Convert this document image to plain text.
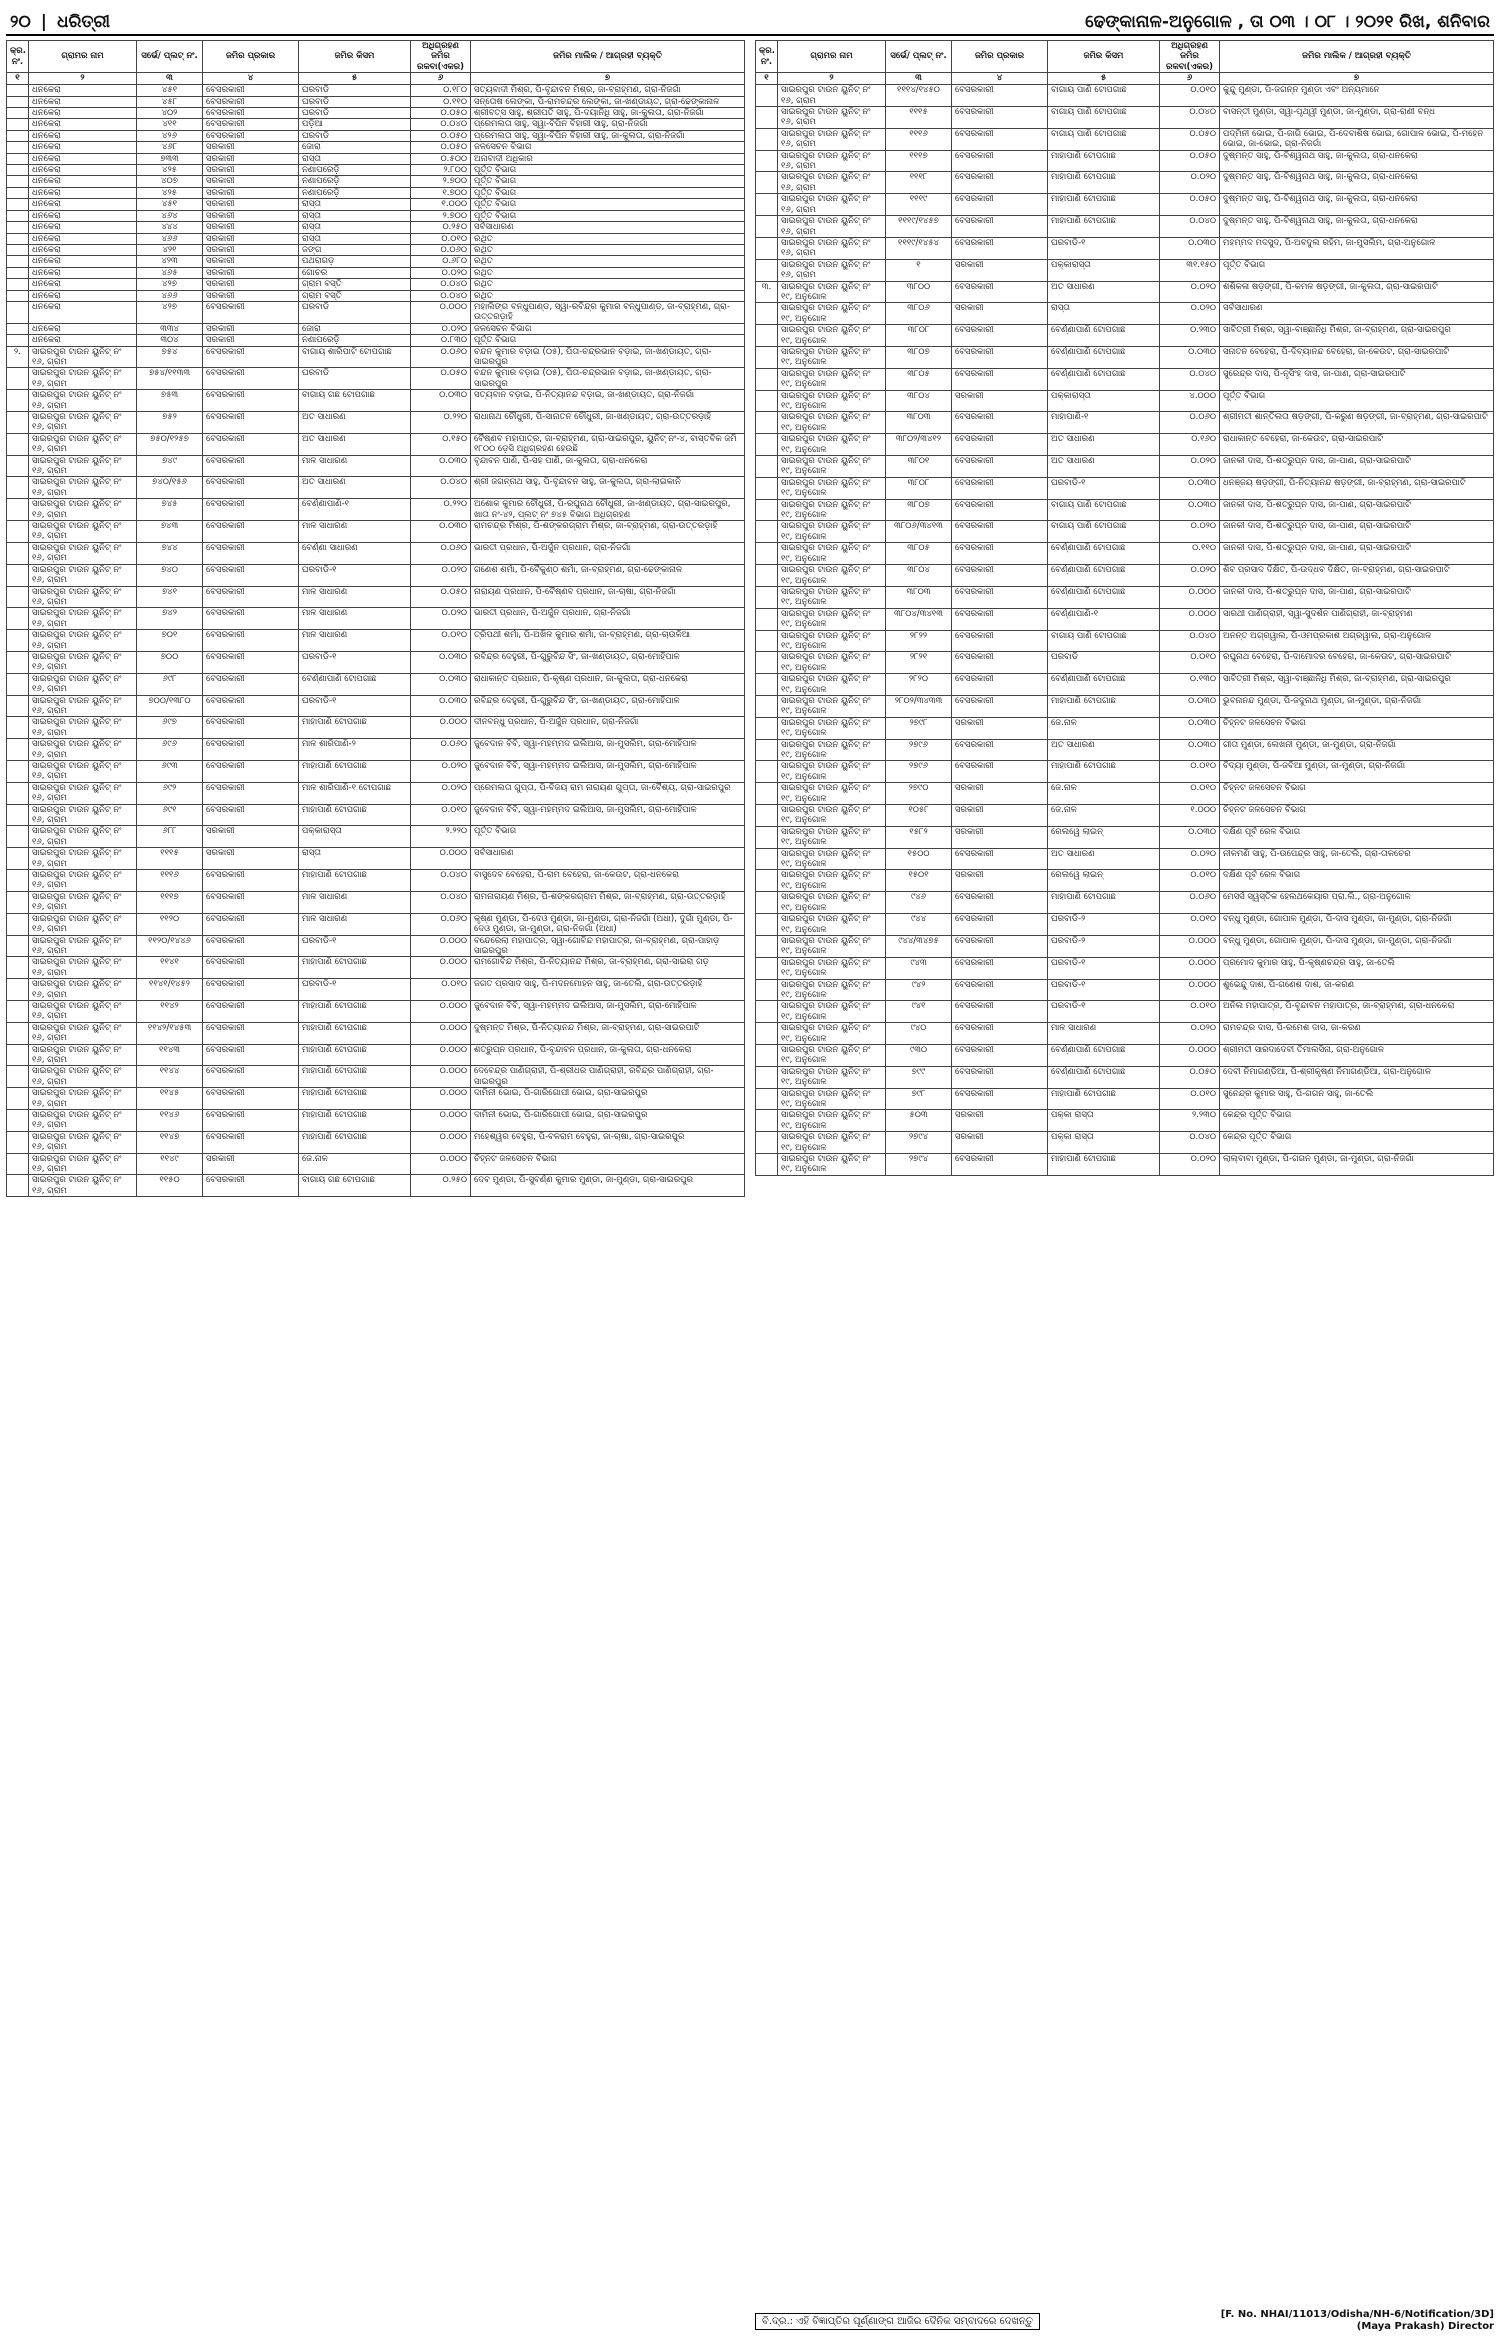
୨୦ | ଧରିତ୍ରୀ	ଢେଙ୍କାନାଳ-ଅନୁଗୋଳ , ତା ୦୩ । ୦୮ । ୨୦୨୧ ରିଖ, ଶନିବାର
କ୍ର. ନଂ.	ଗ୍ରାମର ନାମ	ସର୍ଭେ/ ପ୍ଲଟ୍ ନଂ.	ଜମିର ପ୍ରକାର	ଜମିର କିସମ	ଅଧିଗ୍ରହଣ ଜମିର ରକବା(ଏକର)	ଜମିର ମାଲିକ / ଆଗ୍ରହୀ ବ୍ୟକ୍ତି
୧	୨	୩	୪	୫	୬	୭
	ଧନକେରା	୪୫୧	ବେସରକାରୀ	ଘରବାଡି	୦.୧୮୦	ସତ୍ୟବାଦୀ ମିଶ୍ର, ପି-ବୃନ୍ଦାବନ ମିଶ୍ର, ଜା-ବ୍ରାହ୍ମଣ, ଗ୍ରା-ନିଜଗାଁ
	ଧନକେରା	୪୫୮	ବେସରକାରୀ	ଘରବାଡି	୦.୧୧୦	ସନ୍ତୋଷ ଲେଙ୍କା, ପି-ରାମଚନ୍ଦ୍ର ଲେଙ୍କା, ଜା-ଖଣ୍ଡାୟତ, ଗ୍ରା-ଢେଙ୍କାନାଳ
	ଧନକେରା	୪୦୨	ବେସରକାରୀ	ଘରବାଡି	୦.୦୫୦	ଶ୍ରୀବତ୍ସ ସାହୁ, ଶ୍ରୀପତି ସାହୁ, ପି-ଦୟାନିଧି ସାହୁ, ଜା-କୁଲତା, ଗ୍ରା-ନିଜଗାଁ
	ଧନକେରା	୪୧୧	ବେସରକାରୀ	ପଡ଼ିଆ	୦.୦୪୦	ପ୍ରେମଲତା ସାହୁ, ସ୍ୱା-ବିପିନ ବିହାରୀ ସାହୁ, ଗ୍ରା-ନିଜଗାଁ
	ଧନକେରା	୪୨୬	ବେସରକାରୀ	ଘରବାଡି	୦.୦୫୦	ପ୍ରେମଲତା ସାହୁ, ସ୍ୱା-ବିପିନ ବିହାରୀ ସାହୁ, ଜା-କୁଲତା, ଗ୍ରା-ନିଜଗାଁ
	ଧନକେରା	୪୬୮	ସରକାରୀ	ଜୋରା	୦.୦୫୦	ଜଳସେଚନ ବିଭାଗ
	ଧନକେରା	୭୩୩	ସରକାରୀ	ରାସ୍ତା	୦.୫୦୦	ଅନାବାଦୀ ଅଧିକାର
	ଧନକେରା	୪୨୫	ସରକାରୀ	ନଣାପରେଡ଼ି	୨.୮୦୦	ପୂର୍ତ୍ତ ବିଭାଗ
	ଧନକେରା	୪୦୭	ସରକାରୀ	ନଣାପରେଡ଼ି	୨.୭୦୦	ପୂର୍ତ୍ତ ବିଭାଗ
	ଧନକେରା	୪୨୫	ସରକାରୀ	ନଣାପରେଡ଼ି	୧.୭୦୦	ପୂର୍ତ୍ତ ବିଭାଗ
	ଧନକେରା	୪୫୧	ସରକାରୀ	ରାସ୍ତା	୧.୦୦୦	ପୂର୍ତ୍ତ ବିଭାଗ
	ଧନକେରା	୪୬୪	ସରକାରୀ	ରାସ୍ତା	୨.୭୦୦	ପୂର୍ତ୍ତ ବିଭାଗ
	ଧନକେରା	୪୪୪	ସରକାରୀ	ରାସ୍ତା	୦.୨୫୦	ସର୍ବସାଧାରଣ
	ଧନକେରା	୪୬୬	ସରକାରୀ	ରାସ୍ତା	୦.୦୧୦	ରଥିତ
	ଧନକେରା	୪୨୧	ସରକାରୀ	ଜଙ୍ଗ	୦.୦୬୦	ରଥିତ
	ଧନକେରା	୪୨୩	ସରକାରୀ	ପଥରାଗଡ଼	୦.୬୮୦	ରଥିତ
	ଧନକେରା	୪୬୫	ସରକାରୀ	ଗୋଚର	୦.୦୨୦	ରଥିତ
	ଧନକେରା	୪୨୭	ସରକାରୀ	ଗ୍ରାମ ବସ୍ତି	୦.୦୪୦	ରଥିତ
	ଧନକେରା	୪୬୬	ସରକାରୀ	ଗ୍ରାମ ବସ୍ତି	୦.୦୪୦	ରଥିତ
	ଧନକେରା	୪୨୭	ବେସରକାରୀ	ଘରବାଡି	୦.୦୦୦	ମହାଲିଙ୍ଗ ବନ୍ଧୁପାଣ୍ଡ, ସ୍ୱା-ରବିନ୍ଦ୍ର କୁମାର ବନ୍ଧୁପାଣ୍ଡ, ଜା-ବ୍ରାହ୍ମଣ, ଗ୍ରା-ଉତ୍ତରଡ଼ାହି
	ଧନକେରା	୩୩୪	ସରକାରୀ	ଜୋରା	୦.୦୨୦	ଜଳସେଚନ ବିଭାଗ
	ଧନକେରା	୩୦୪	ସରକାରୀ	ନଣାପରେଡ଼ି	୦.୮୩୦	ପୂର୍ତ୍ତ ବିଭାଗ
୨.	ସାଇରପୁର ଟାଉନ ୟୁନିଟ୍ ନଂ ୧୬, ଗ୍ରାମ	୭୫୪	ବେସରକାରୀ	ବାଗାୟ ଶାରିପାଟି ଟୋପଗାଛ	୦.୦୬୦	ଚନ୍ଦନ କୁମାର ବଡ଼ାଇ (୦୫), ପିତା-ଚନ୍ଦ୍ରଭାନ ବଡ଼ାଇ, ଜା-ଖଣ୍ଡାୟତ, ଗ୍ରା-ସାଇରପୁର
	ସାଇରପୁର ଟାଉନ ୟୁନିଟ୍ ନଂ ୧୬, ଗ୍ରାମ	୭୫୪/୧୧୩୩	ବେସରକାରୀ	ଘରବାଡି	୦.୦୫୦	ଚନ୍ଦନ କୁମାର ବଡ଼ାଇ (୦୫), ପିତା-ଚନ୍ଦ୍ରଭାନ ବଡ଼ାଇ, ଜା-ଖଣ୍ଡାୟତ, ଗ୍ରା-ସାଇରପୁର
	ସାଇରପୁର ଟାଉନ ୟୁନିଟ୍ ନଂ ୧୬, ଗ୍ରାମ	୭୫୩	ବେସରକାରୀ	ବାଗାୟ ଗଛ ଟୋପଗାଛ	୦.୦୩୦	ସତ୍ୟବାନ ବଡ଼ାଇ, ପି-ନିତ୍ୟାନନ୍ଦ ବଡ଼ାଇ, ଜା-ଖଣ୍ଡାୟତ, ଗ୍ରା-ନିଜଗାଁ
	ସାଇରପୁର ଟାଉନ ୟୁନିଟ୍ ନଂ ୧୬, ଗ୍ରାମ	୭୫୨	ବେସରକାରୀ	ଅତ ସାଧାରଣ	୦.୨୨୦	ରାଧାନାଥ ଚୌଧୁରୀ, ପି-ସାନାତନ ଚୌଧୁରୀ, ଜା-ଖଣ୍ଡାୟତ, ଗ୍ରା-ଉତ୍ତରଡ଼ାହି
	ସାଇରପୁର ଟାଉନ ୟୁନିଟ୍ ନଂ ୧୬, ଗ୍ରାମ	୭୫୦/୧୨୫୭	ବେସରକାରୀ	ଅତ ସାଧାରଣ	୦.୧୫୦	ବୈଷ୍ଣବ ମହାପାତ୍ର, ଜା-ବ୍ରାହ୍ମଣ, ଗ୍ରା-ସାଇରପୁର, ୟୁନିଟ୍ ନଂ-୪, ବାସ୍ତବିକ ଜମି ୧୮୦୦ ଡ଼େସି ଅଧିଗ୍ରହଣ ହେଉଛି
	ସାଇରପୁର ଟାଉନ ୟୁନିଟ୍ ନଂ ୧୬, ଗ୍ରାମ	୭୪୯	ବେସରକାରୀ	ମାଳ ସାଧାରଣ	୦.୦୩୦	ବୃନ୍ଦାବନ ପାଣି, ପି-ସହ ପାଣି, ଜା-କୁଲତା, ଗ୍ରା-ଧନକେରା
	ସାଇରପୁର ଟାଉନ ୟୁନିଟ୍ ନଂ ୧୬, ଗ୍ରାମ	୭୪୦/୧୫୬	ବେସରକାରୀ	ଅତ ସାଧାରଣ	୦.୦୪୦	ଶ୍ରୀ ଜଗନ୍ନାଥ ସାହୁ, ପି-ବୃନ୍ଦାବନ ସାହୁ, ଜା-କୁଲତା, ଗ୍ରା-ଲାଇକାନି
	ସାଇରପୁର ଟାଉନ ୟୁନିଟ୍ ନଂ ୧୬, ଗ୍ରାମ	୭୪୫	ବେସରକାରୀ	ବେର୍ଣ୍ଣାପାଣି-୧	୦.୨୨୦	ଅଶୋକ କୁମାର ଚୌଧୁରୀ, ପି-ରଘୁନାଥ ଚୌଧୁରୀ, ଜା-ଖଣ୍ଡାୟତ, ଗ୍ରା-ସାଇରପୁର, ଖାତା ନଂ-୪୨, ପ୍ଲଟ୍ ନଂ ୭୪୫ ବିଭାଗ ଅଧିଗ୍ରହଣ
	ସାଇରପୁର ଟାଉନ ୟୁନିଟ୍ ନଂ ୧୬, ଗ୍ରାମ	୭୪୩	ବେସରକାରୀ	ମାଳ ସାଧାରଣ	୦.୦୩୦	ରାମଚନ୍ଦ୍ର ମିଶ୍ର, ପି-ଶଙ୍କରଗ୍ରାମ ମିଶ୍ର, ଜା-ବ୍ରାହ୍ମଣ, ଗ୍ରା-ଉତ୍ତରଡ଼ାହି
	ସାଇରପୁର ଟାଉନ ୟୁନିଟ୍ ନଂ ୧୬, ଗ୍ରାମ	୭୪୪	ବେସରକାରୀ	ବେର୍ଣ୍ଣା ସାଧାରଣ	୦.୦୬୦	ଭାରତୀ ପ୍ରଧାନ, ପି-ଅର୍ଜୁନ ପ୍ରଧାନ, ଗ୍ରା-ନିଜଗାଁ
	ସାଇରପୁର ଟାଉନ ୟୁନିଟ୍ ନଂ ୧୬, ଗ୍ରାମ	୭୪୦	ବେସରକାରୀ	ଘରବାଡି-୧	୦.୦୨୦	ଗଣେଶ ଶର୍ମା, ପି-ବୈକୁଣ୍ଠ ଶର୍ମା, ଜା-ବ୍ରାହ୍ମଣ, ଗ୍ରା-ଢେଙ୍କାନାଳ
	ସାଇରପୁର ଟାଉନ ୟୁନିଟ୍ ନଂ ୧୬, ଗ୍ରାମ	୭୪୧	ବେସରକାରୀ	ମାଳ ସାଧାରଣ	୦.୦୫୦	ନାରାୟଣ ପ୍ରଧାନ, ପି-ବୈଷ୍ଣବ ପ୍ରଧାନ, ଜା-ଚାଷା, ଗ୍ରା-ନିଜଗାଁ
	ସାଇରପୁର ଟାଉନ ୟୁନିଟ୍ ନଂ ୧୬, ଗ୍ରାମ	୭୪୨	ବେସରକାରୀ	ମାଳ ସାଧାରଣ	୦.୦୨୦	ଭାରତୀ ପ୍ରଧାନ, ପି-ଅର୍ଜୁନ ପ୍ରଧାନ, ଗ୍ରା-ନିଜଗାଁ
	ସାଇରପୁର ଟାଉନ ୟୁନିଟ୍ ନଂ ୧୬, ଗ୍ରାମ	୭୦୧	ବେସରକାରୀ	ମାଳ ସାଧାରଣ	୦.୦୧୦	ତ୍ରିପଥୀ ଶର୍ମା, ପି-ଅଖିଳ କୁମାର ଶର୍ମା, ଜା-ବ୍ରାହ୍ମଣ, ଗ୍ରା-ଚାଉଳିଆ
	ସାଇରପୁର ଟାଉନ ୟୁନିଟ୍ ନଂ ୧୬, ଗ୍ରାମ	୭୦୦	ବେସରକାରୀ	ଘରବାଡି-୧	୦.୦୩୦	ରବିନ୍ଦ୍ର ଦେହୁରୀ, ପି-ଗୁରୁବିନ୍ଦ ସିଂ, ଜା-ଖଣ୍ଡାୟତ, ଗ୍ରା-ମୋହିପାଳ
	ସାଇରପୁର ଟାଉନ ୟୁନିଟ୍ ନଂ ୧୬, ଗ୍ରାମ	୬୯୮	ବେସରକାରୀ	ବେର୍ଣ୍ଣାପାଣି ଟୋପଗାଛ	୦.୦୩୦	ରାଧାକାନ୍ତ ପ୍ରଧାନ, ପି-କୃଷ୍ଣ ପ୍ରଧାନ, ଜା-କୁଲତା, ଗ୍ରା-ଧନକେରା
	ସାଇରପୁର ଟାଉନ ୟୁନିଟ୍ ନଂ ୧୬, ଗ୍ରାମ	୭୦୦/୧୩୮୦	ବେସରକାରୀ	ଘରବାଡି-୧	୦.୦୩୦	ରବିନ୍ଦ୍ର ଦେହୁରୀ, ପି-ଗୁରୁବିନ୍ଦ ସିଂ, ଜା-ଖଣ୍ଡାୟତ, ଗ୍ରା-ମୋହିପାଳ
	ସାଇରପୁର ଟାଉନ ୟୁନିଟ୍ ନଂ ୧୬, ଗ୍ରାମ	୬୯୭	ବେସରକାରୀ	ମାହାପାଣି ଟୋପଗାଛ	୦.୦୦୦	ଦୀନବନ୍ଧୁ ପ୍ରଧାନ, ପି-ଅର୍ଜୁନ ପ୍ରଧାନ, ଗ୍ରା-ନିଜଗାଁ
	ସାଇରପୁର ଟାଉନ ୟୁନିଟ୍ ନଂ ୧୬, ଗ୍ରାମ	୬୯୬	ବେସରକାରୀ	ମାଳ ଶାରିପାଣି-୨	୦.୦୬୦	ଜୁବେଦାନ ବିବି, ସ୍ୱା-ମହମ୍ମଦ ଇଲିଆସ, ଜା-ମୁସଲିମ, ଗ୍ରା-ମୋହିପାଳ
	ସାଇରପୁର ଟାଉନ ୟୁନିଟ୍ ନଂ ୧୬, ଗ୍ରାମ	୬୯୩	ବେସରକାରୀ	ମାହାପାଣି ଟୋପଗାଛ	୦.୦୨୦	ଜୁବେଦାନ ବିବି, ସ୍ୱା-ମହମ୍ମଦ ଇଲିଆସ, ଜା-ମୁସଲିମ, ଗ୍ରା-ମୋହିପାଳ
	ସାଇରପୁର ଟାଉନ ୟୁନିଟ୍ ନଂ ୧୬, ଗ୍ରାମ	୬୯୨	ବେସରକାରୀ	ମାଳ ଶାରିପାଣି-୧ ଟୋପଗାଛ	୦.୦୨୦	ପ୍ରେମଲତା ଗୁପ୍ତା, ପି-ବିଜୟ ରାମ ନାରାୟଣ ଗୁପ୍ତା, ଜା-ବୈଶ୍ୟ, ଗ୍ରା-ସାଇରପୁର
	ସାଇରପୁର ଟାଉନ ୟୁନିଟ୍ ନଂ ୧୬, ଗ୍ରାମ	୬୯୧	ବେସରକାରୀ	ମାହାପାଣି ଟୋପଗାଛ	୦.୦୧୦	ଜୁବେଦାନ ବିବି, ସ୍ୱା-ମହମ୍ମଦ ଇଲିଆସ, ଜା-ମୁସଲିମ, ଗ୍ରା-ମୋହିପାଳ
	ସାଇରପୁର ଟାଉନ ୟୁନିଟ୍ ନଂ ୧୬, ଗ୍ରାମ	୬୮୮	ସରକାରୀ	ପକ୍କାରାସ୍ତା	୨.୨୨୦	ପୂର୍ତ୍ତ ବିଭାଗ
	ସାଇରପୁର ଟାଉନ ୟୁନିଟ୍ ନଂ ୧୬, ଗ୍ରାମ	୧୧୧୫	ସରକାରୀ	ରାସ୍ତା	୦.୦୦୦	ସର୍ବସାଧାରଣ
	ସାଇରପୁର ଟାଉନ ୟୁନିଟ୍ ନଂ ୧୬, ଗ୍ରାମ	୧୧୧୬	ବେସରକାରୀ	ମାହାପାଣି ଟୋପଗାଛ	୦.୦୪୦	ବାସୁଦେବ ବେହେରା, ପି-ରାମ ବେହେରା, ଜା-କେଉଟ, ଗ୍ରା-ଧନକେରା
	ସାଇରପୁର ଟାଉନ ୟୁନିଟ୍ ନଂ ୧୬, ଗ୍ରାମ	୧୧୧୭	ବେସରକାରୀ	ମାଳ ସାଧାରଣ	୦.୦୪୦	ରାମନାରାୟଣ ମିଶ୍ର, ପି-ଶଙ୍କରଗ୍ରାମ ମିଶ୍ର, ଜା-ବ୍ରାହ୍ମଣ, ଗ୍ରା-ଉତ୍ତରଡ଼ାହି
	ସାଇରପୁର ଟାଉନ ୟୁନିଟ୍ ନଂ ୧୬, ଗ୍ରାମ	୧୧୨୦	ବେସରକାରୀ	ମାଳ ସାଧାରଣ	୦.୦୬୦	କୃଷ୍ଣ ମୁଣ୍ଡା, ପି-ଦେଓ ମୁଣ୍ଡା, ଜା-ମୁଣ୍ଡା, ଗ୍ରା-ନିଜଗାଁ (ଅଧା), ଦୁର୍ଗା ମୁଣ୍ଡା, ପି-ଦେଓ ମୁଣ୍ଡା, ଜା-ମୁଣ୍ଡା, ଗ୍ରା-ନିଜଗାଁ (ଅଧା)
	ସାଇରପୁର ଟାଉନ ୟୁନିଟ୍ ନଂ ୧୬, ଗ୍ରାମ	୧୧୨୦/୧୪୪୬	ବେସରକାରୀ	ଘରବାଡି-୧	୦.୦୦୦	ବନ୍ଦେରେଲା ମହାପାତ୍ର, ସ୍ୱା-ଗୋବିନ୍ଦ ମହାପାତ୍ର, ଜା-ବ୍ରାହ୍ମଣ, ଗ୍ରା-ପାହାଡ଼ ସାଇରପୁର
	ସାଇରପୁର ଟାଉନ ୟୁନିଟ୍ ନଂ ୧୬, ଗ୍ରାମ	୧୧୪୧	ବେସରକାରୀ	ମାହାପାଣି ଟୋପଗାଛ	୦.୦୦୦	ରାମଗୋବିନ୍ଦ ମିଶ୍ର, ପି-ନିତ୍ୟାନନ୍ଦ ମିଶ୍ର, ଜା-ବ୍ରାହ୍ମଣ, ଗ୍ରା-ସାଇରା ଗଡ଼
	ସାଇରପୁର ଟାଉନ ୟୁନିଟ୍ ନଂ ୧୬, ଗ୍ରାମ	୧୧୪୧/୧୪୫୨	ବେସରକାରୀ	ଘରବାଡି-୧	୦.୦୧୦	ଜଗତ ପ୍ରସାଦ ସାହୁ, ପି-ମଦନମୋହନ ସାହୁ, ଜା-ତେଲି, ଗ୍ରା-ଉତ୍ତରଡ଼ାହି
	ସାଇରପୁର ଟାଉନ ୟୁନିଟ୍ ନଂ ୧୬, ଗ୍ରାମ	୧୧୪୨	ବେସରକାରୀ	ମାହାପାଣି ଟୋପଗାଛ	୦.୦୦୦	ଜୁବେଦାନ ବିବି, ସ୍ୱା-ମହମ୍ମଦ ଇଲିଆସ, ଜା-ମୁସଲିମ, ଗ୍ରା-ମୋହିପାଳ
	ସାଇରପୁର ଟାଉନ ୟୁନିଟ୍ ନଂ ୧୬, ଗ୍ରାମ	୧୧୪୨/୧୪୫୩	ବେସରକାରୀ	ମାହାପାଣି ଟୋପଗାଛ	୦.୦୦୦	ଦୁଷ୍ମନ୍ତ ମିଶ୍ର, ପି-ନିତ୍ୟାନନ୍ଦ ମିଶ୍ର, ଜା-ବ୍ରାହ୍ମଣ, ଗ୍ରା-ସାଇରପାଟି
	ସାଇରପୁର ଟାଉନ ୟୁନିଟ୍ ନଂ ୧୬, ଗ୍ରାମ	୧୧୪୩	ବେସରକାରୀ	ମାହାପାଣି ଟୋପଗାଛ	୦.୦୦୦	ଶତ୍ରୁଘ୍ନ ପ୍ରଧାନ, ପି-ବୃନ୍ଦାବନ ପ୍ରଧାନ, ଜା-କୁଲତା, ଗ୍ରା-ଧନକେରା
	ସାଇରପୁର ଟାଉନ ୟୁନିଟ୍ ନଂ ୧୬, ଗ୍ରାମ	୧୧୪୪	ବେସରକାରୀ	ମାହାପାଣି ଟୋପଗାଛ	୦.୦୦୦	ଦେବେନ୍ଦ୍ର ପାଣିଗ୍ରାହୀ, ପି-ଶ୍ରୀଧର ପାଣିଗ୍ରାହୀ, ରବିନ୍ଦ୍ର ପାଣିଗ୍ରାହୀ, ଗ୍ରା-ସାଇରପୁର
	ସାଇରପୁର ଟାଉନ ୟୁନିଟ୍ ନଂ ୧୬, ଗ୍ରାମ	୧୧୪୫	ବେସରକାରୀ	ମାହାପାଣି ଟୋପଗାଛ	୦.୦୦୦	ଦାମିନୀ ଭୋଇ, ପି-ଗାରିଗୋପୀ ଭୋଇ, ଗ୍ରା-ସାଇରପୁର
	ସାଇରପୁର ଟାଉନ ୟୁନିଟ୍ ନଂ ୧୬, ଗ୍ରାମ	୧୧୪୬	ବେସରକାରୀ	ମାହାପାଣି ଟୋପଗାଛ	୦.୦୦୦	ଦାମିନୀ ଭୋଇ, ପି-ଗାରିଗୋପୀ ଭୋଇ, ଗ୍ରା-ସାଇରପୁର
	ସାଇରପୁର ଟାଉନ ୟୁନିଟ୍ ନଂ ୧୬, ଗ୍ରାମ	୧୧୪୭	ବେସରକାରୀ	ମାହାପାଣି ଟୋପଗାଛ	୦.୦୦୦	ମହେଶ୍ୱର ବେହୁରା, ପି-ବଳରାମ ବେହୁରା, ଜା-ଚାଷା, ଗ୍ରା-ସାଇରପୁର
	ସାଇରପୁର ଟାଉନ ୟୁନିଟ୍ ନଂ ୧୬, ଗ୍ରାମ	୧୧୪୯	ସରକାରୀ	ଜେ.ନାଳ	୦.୦୦୦	ଚିହ୍ନଟ ଜଳସେଚନ ବିଭାଗ
	ସାଇରପୁର ଟାଉନ ୟୁନିଟ୍ ନଂ ୧୬, ଗ୍ରାମ	୧୧୫୦	ବେସରକାରୀ	ବାଗାୟ ଗଛ ଟୋପଗାଛ	୦.୨୫୦	ଦେବ ମୁଣ୍ଡା, ପି-ସୁବର୍ଣ୍ଣ କୁମାର ମୁଣ୍ଡା, ଜା-ମୁଣ୍ଡା, ଗ୍ରା-ସାଇରପୁର
କ୍ର. ନଂ.	ଗ୍ରାମର ନାମ	ସର୍ଭେ/ ପ୍ଲଟ୍ ନଂ.	ଜମିର ପ୍ରକାର	ଜମିର କିସମ	ଅଧିଗ୍ରହଣ ଜମିର ରକବା(ଏକର)	ଜମିର ମାଲିକ / ଆଗ୍ରହୀ ବ୍ୟକ୍ତି
୧	୨	୩	୪	୫	୬	୭
	ସାଇରପୁର ଟାଉନ ୟୁନିଟ୍ ନଂ ୧୬, ଗ୍ରାମ	୧୧୧୪/୧୪୫୦	ବେସରକାରୀ	ବାଗାୟ ପାଣି ଟୋପଗାଛ	୦.୦୧୦	କୁନ୍ଦୁ ମୁଣ୍ଡା, ପି-ଜଗନ୍ନ ମୁଣ୍ଡା ଏବଂ ଅନ୍ୟମାନେ
	ସାଇରପୁର ଟାଉନ ୟୁନିଟ୍ ନଂ ୧୬, ଗ୍ରାମ	୧୧୧୫	ବେସରକାରୀ	ବାଗାୟ ପାଣି ଟୋପଗାଛ	୦.୦୪୦	ବାସନ୍ତୀ ମୁଣ୍ଡା, ସ୍ୱା-ପୃଥ୍ୱୀ ମୁଣ୍ଡା, ଜା-ମୁଣ୍ଡା, ଗ୍ରା-ରାଣୀ ବନ୍ଧ
	ସାଇରପୁର ଟାଉନ ୟୁନିଟ୍ ନଂ ୧୬, ଗ୍ରାମ	୧୧୧୬	ବେସରକାରୀ	ବାଗାୟ ପାଣି ଟୋପଗାଛ	୦.୦୫୦	ପଦ୍ମିନୀ ଭୋଇ, ପି-ଜାଗି ଭୋଇ, ପି-ଦେବାଶିଷ ଭୋଇ, ଗୋପାଳ ଭୋଇ, ପି-ମହେନ ଭୋଇ, ଜା-ଭୋଇ, ଗ୍ରା-ନିଜଗାଁ
	ସାଇରପୁର ଟାଉନ ୟୁନିଟ୍ ନଂ ୧୬, ଗ୍ରାମ	୧୧୧୭	ବେସରକାରୀ	ମାହାପାଣି ଟୋପଗାଛ	୦.୦୫୦	ଦୁଷ୍ମନ୍ତ ସାହୁ, ପି-ବିଶ୍ୱନାଥ ସାହୁ, ଜା-କୁଲତା, ଗ୍ରା-ଧନକେରା
	ସାଇରପୁର ଟାଉନ ୟୁନିଟ୍ ନଂ ୧୬, ଗ୍ରାମ	୧୧୧୮	ବେସରକାରୀ	ମାହାପାଣି ଟୋପଗାଛ	୦.୦୨୦	ଦୁଷ୍ମନ୍ତ ସାହୁ, ପି-ବିଶ୍ୱନାଥ ସାହୁ, ଜା-କୁଲତା, ଗ୍ରା-ଧନକେରା
	ସାଇରପୁର ଟାଉନ ୟୁନିଟ୍ ନଂ ୧୬, ଗ୍ରାମ	୧୧୧୯	ବେସରକାରୀ	ମାହାପାଣି ଟୋପଗାଛ	୦.୦୫୦	ଦୁଷ୍ମନ୍ତ ସାହୁ, ପି-ବିଶ୍ୱନାଥ ସାହୁ, ଜା-କୁଲତା, ଗ୍ରା-ଧନକେରା
	ସାଇରପୁର ଟାଉନ ୟୁନିଟ୍ ନଂ ୧୬, ଗ୍ରାମ	୧୧୧୯/୧୪୫୭	ବେସରକାରୀ	ମାହାପାଣି ଟୋପଗାଛ	୦.୦୪୦	ଦୁଷ୍ମନ୍ତ ସାହୁ, ପି-ବିଶ୍ୱନାଥ ସାହୁ, ଜା-କୁଲତା, ଗ୍ରା-ଧନକେରା
	ସାଇରପୁର ଟାଉନ ୟୁନିଟ୍ ନଂ ୧୬, ଗ୍ରାମ	୧୧୧୯/୧୪୫୪	ବେସରକାରୀ	ଘରବାଡି-୧	୦.୦୩୦	ମହମ୍ମଦ ମଦସୁଦ, ପି-ଅବଦୁଲ ରହିମ, ଜା-ମୁସଲିମ, ଗ୍ରା-ଅନୁଗୋଳ
	ସାଇରପୁର ଟାଉନ ୟୁନିଟ୍ ନଂ ୧୬, ଗ୍ରାମ	୧	ସରକାରୀ	ପକ୍କାରାସ୍ତା	୩୧.୧୫୦	ପୂର୍ତ୍ତ ବିଭାଗ
୩.	ସାଇରପୁର ଟାଉନ ୟୁନିଟ୍ ନଂ ୧୯, ଅନୁଗୋଳ	୩୮୦୦	ବେସରକାରୀ	ଅତ ସାଧାରଣ	୦.୦୨୦	ଶଶିକଳା ଷଡ଼ଙ୍ଗୀ, ପି-କମଳ ଷଡ଼ଙ୍ଗୀ, ଜା-କୁଲତା, ଗ୍ରା-ସାଇରପାଟି
	ସାଇରପୁର ଟାଉନ ୟୁନିଟ୍ ନଂ ୧୯, ଅନୁଗୋଳ	୩୮୦୬	ସରକାରୀ	ରାସ୍ତା	୦.୦୨୦	ସର୍ବସାଧାରଣ
	ସାଇରପୁର ଟାଉନ ୟୁନିଟ୍ ନଂ ୧୯, ଅନୁଗୋଳ	୩୮୦୮	ବେସରକାରୀ	ବେର୍ଣ୍ଣାପାଣି ଟୋପଗାଛ	୦.୨୩୦	ସାବିତ୍ରୀ ମିଶ୍ର, ସ୍ୱା-ବାଞ୍ଛାନିଧି ମିଶ୍ର, ଜା-ବ୍ରାହ୍ମଣ, ଗ୍ରା-ସାଇରପୁର
	ସାଇରପୁର ଟାଉନ ୟୁନିଟ୍ ନଂ ୧୯, ଅନୁଗୋଳ	୩୮୦୭	ବେସରକାରୀ	ବେର୍ଣ୍ଣାପାଣି ଟୋପଗାଛ	୦.୦୩୦	ସନାତନ ବେହେରା, ପି-ଦିବ୍ୟାନନ୍ଦ ବେହେରା, ଜା-କେଉଟ, ଗ୍ରା-ସାଇରପାଟି
	ସାଇରପୁର ଟାଉନ ୟୁନିଟ୍ ନଂ ୧୯, ଅନୁଗୋଳ	୩୮୦୫	ବେସରକାରୀ	ବେର୍ଣ୍ଣାପାଣି ଟୋପଗାଛ	୦.୦୪୦	ସୁରେନ୍ଦ୍ର ଦାସ, ପି-ନୃସିଂହ ଦାସ, ଜା-ପାଣ, ଗ୍ରା-ସାଇରପାଟି
	ସାଇରପୁର ଟାଉନ ୟୁନିଟ୍ ନଂ ୧୯, ଅନୁଗୋଳ	୩୮୦୪	ସରକାରୀ	ପକ୍କାରାସ୍ତା	୪.୦୦୦	ପୂର୍ତ୍ତ ବିଭାଗ
	ସାଇରପୁର ଟାଉନ ୟୁନିଟ୍ ନଂ ୧୯, ଅନୁଗୋଳ	୩୮୦୩	ବେସରକାରୀ	ମାହାପାଣି-୧	୦.୦୬୦	ଶ୍ରୀମତୀ ଶାନ୍ତିଲତା ଷଡ଼ଙ୍ଗୀ, ପି-କରୁଣ ଷଡ଼ଙ୍ଗୀ, ଜା-ବ୍ରାହ୍ମଣ, ଗ୍ରା-ସାଇରପାଟି
	ସାଇରପୁର ଟାଉନ ୟୁନିଟ୍ ନଂ ୧୯, ଅନୁଗୋଳ	୩୮୦୨/୩୪୧୨	ବେସରକାରୀ	ଅତ ସାଧାରଣ	୦.୧୬୦	ରାଧାକାନ୍ତ ବେହେରା, ଜା-କେଉଟ, ଗ୍ରା-ସାଇରପାଟି
	ସାଇରପୁର ଟାଉନ ୟୁନିଟ୍ ନଂ ୧୯, ଅନୁଗୋଳ	୩୮୦୧	ବେସରକାରୀ	ଅତ ସାଧାରଣ	୦.୦୨୦	ଜାନକୀ ଦାସ, ପି-ଶତ୍ରୁଘ୍ନ ଦାସ, ଜା-ପାଣ, ଗ୍ରା-ସାଇରପାଟି
	ସାଇରପୁର ଟାଉନ ୟୁନିଟ୍ ନଂ ୧୯, ଅନୁଗୋଳ	୩୮୦୮	ବେସରକାରୀ	ଘରବାଡି-୧	୦.୦୩୦	ଧନଞ୍ଜୟ ଷଡ଼ଙ୍ଗୀ, ପି-ନିତ୍ୟାନନ୍ଦ ଷଡ଼ଙ୍ଗୀ, ଜା-ବ୍ରାହ୍ମଣ, ଗ୍ରା-ସାଇରପାଟି
	ସାଇରପୁର ଟାଉନ ୟୁନିଟ୍ ନଂ ୧୯, ଅନୁଗୋଳ	୩୮୦୭	ବେସରକାରୀ	ବାଗାୟ ପାଣି ଟୋପଗାଛ	୦.୦୩୦	ଜାନକୀ ଦାସ, ପି-ଶତ୍ରୁଘ୍ନ ଦାସ, ଜା-ପାଣ, ଗ୍ରା-ସାଇରପାଟି
	ସାଇରପୁର ଟାଉନ ୟୁନିଟ୍ ନଂ ୧୯, ଅନୁଗୋଳ	୩୮୦୬/୩୪୧୩	ବେସରକାରୀ	ବାଗାୟ ପାଣି ଟୋପଗାଛ	୦.୦୨୦	ଜାନକୀ ଦାସ, ପି-ଶତ୍ରୁଘ୍ନ ଦାସ, ଜା-ପାଣ, ଗ୍ରା-ସାଇରପାଟି
	ସାଇରପୁର ଟାଉନ ୟୁନିଟ୍ ନଂ ୧୯, ଅନୁଗୋଳ	୩୮୦୫	ବେସରକାରୀ	ବେର୍ଣ୍ଣାପାଣି ଟୋପଗାଛ	୦.୧୧୦	ଜାନକୀ ଦାସ, ପି-ଶତ୍ରୁଘ୍ନ ଦାସ, ଜା-ପାଣ, ଗ୍ରା-ସାଇରପାଟି
	ସାଇରପୁର ଟାଉନ ୟୁନିଟ୍ ନଂ ୧୯, ଅନୁଗୋଳ	୩୮୦୪	ବେସରକାରୀ	ବେର୍ଣ୍ଣାପାଣି ଟୋପଗାଛ	୦.୦୨୦	ଶିବ ପ୍ରସାଦ ଦିକ୍ଷିତ, ପି-ଉଦ୍ଧବ ଦିକ୍ଷିତ, ଜା-ବ୍ରାହ୍ମଣ, ଗ୍ରା-ସାଇରପାଟି
	ସାଇରପୁର ଟାଉନ ୟୁନିଟ୍ ନଂ ୧୯, ଅନୁଗୋଳ	୩୮୦୩	ବେସରକାରୀ	ବେର୍ଣ୍ଣାପାଣି ଟୋପଗାଛ	୦.୦୦୦	ଜାନକୀ ଦାସ, ପି-ଶତ୍ରୁଘ୍ନ ଦାସ, ଜା-ପାଣ, ଗ୍ରା-ସାଇରପାଟି
	ସାଇରପୁର ଟାଉନ ୟୁନିଟ୍ ନଂ ୧୯, ଅନୁଗୋଳ	୩୮୦୪/୩୪୧୩	ବେସରକାରୀ	ବେର୍ଣ୍ଣାପାଣି-୧	୦.୦୦୦	ସାରଥୀ ପାଣିଗ୍ରାହୀ, ସ୍ୱା-ସୁଦର୍ଶନ ପାଣିଗ୍ରାହୀ, ଜା-ବ୍ରାହ୍ମଣ
	ସାଇରପୁର ଟାଉନ ୟୁନିଟ୍ ନଂ ୧୯, ଅନୁଗୋଳ	୨୮୨୨	ବେସରକାରୀ	ବାଗାୟ ପାଣି ଟୋପଗାଛ	୦.୦୪୦	ଅନନ୍ତ ଅଗ୍ରୱାଲ, ପି-ଓମପ୍ରକାଶ ଅଗ୍ରୱାଲ, ଗ୍ରା-ଅନୁଗୋଳ
	ସାଇରପୁର ଟାଉନ ୟୁନିଟ୍ ନଂ ୧୯, ଅନୁଗୋଳ	୨୮୨୧	ବେସରକାରୀ	ଘରବାଡି	୦.୦୧୦	ରଘୁନାଥ ବେହେରା, ପି-ଦାମୋଦର ବେହେରା, ଜା-କେଉଟ, ଗ୍ରା-ସାଇରପାଟି
	ସାଇରପୁର ଟାଉନ ୟୁନିଟ୍ ନଂ ୧୯, ଅନୁଗୋଳ	୨୮୨୦	ବେସରକାରୀ	ବେର୍ଣ୍ଣାପାଣି ଟୋପଗାଛ	୦.୧୩୦	ସାବିତ୍ରୀ ମିଶ୍ର, ସ୍ୱା-ବାଞ୍ଛାନିଧି ମିଶ୍ର, ଜା-ବ୍ରାହ୍ମଣ, ଗ୍ରା-ସାଇରପୁର
	ସାଇରପୁର ଟାଉନ ୟୁନିଟ୍ ନଂ ୧୯, ଅନୁଗୋଳ	୨୮୦୨/୩୪୩୩	ବେସରକାରୀ	ମାହାପାଣି ଟୋପଗାଛ	୦.୦୩୦	ଭୁବନାନନ୍ଦ ମୁଣ୍ଡା, ପି-ଜଦୁନାଥ ମୁଣ୍ଡା, ଜା-ମୁଣ୍ଡା, ଗ୍ରା-ନିଜଗାଁ
	ସାଇରପୁର ଟାଉନ ୟୁନିଟ୍ ନଂ ୧୯, ଅନୁଗୋଳ	୨୭୯୮	ସରକାରୀ	ଜେ.ନାଳ	୦.୦୩୦	ଚିହ୍ନଟ ଜଳସେଚନ ବିଭାଗ
	ସାଇରପୁର ଟାଉନ ୟୁନିଟ୍ ନଂ ୧୯, ଅନୁଗୋଳ	୨୭୯୬	ବେସରକାରୀ	ଅତ ସାଧାରଣ	୦.୦୩୦	ଗୀତା ମୁଣ୍ଡା, ଲେଖନୀ ମୁଣ୍ଡା, ଜା-ମୁଣ୍ଡା, ଗ୍ରା-ନିଜଗାଁ
	ସାଇରପୁର ଟାଉନ ୟୁନିଟ୍ ନଂ ୧୯, ଅନୁଗୋଳ	୨୭୯୬	ବେସରକାରୀ	ମାହାପାଣି ଟୋପଗାଛ	୦.୦୧୦	ବିଦ୍ୟା ମୁଣ୍ଡା, ପି-ଜବିଆ ମୁଣ୍ଡା, ଜା-ମୁଣ୍ଡା, ଗ୍ରା-ନିଜଗାଁ
	ସାଇରପୁର ଟାଉନ ୟୁନିଟ୍ ନଂ ୧୯, ଅନୁଗୋଳ	୨୭୯୦	ସରକାରୀ	ଜେ.ନାଳ	୦.୦୧୦	ଚିହ୍ନଟ ଜଳସେଚନ ବିଭାଗ
	ସାଇରପୁର ଟାଉନ ୟୁନିଟ୍ ନଂ ୧୯, ଅନୁଗୋଳ	୧୦୫୮	ସରକାରୀ	ଜେ.ନାଳ	୧.୦୦୦	ଚିହ୍ନଟ ଜଳସେଚନ ବିଭାଗ
	ସାଇରପୁର ଟାଉନ ୟୁନିଟ୍ ନଂ ୧୯, ଅନୁଗୋଳ	୧୫୮୨	ସରକାରୀ	ରେଲୱେ ଲାଇନ୍	୦.୦୩୦	ଦକ୍ଷିଣ ପୂର୍ବ ରେଳ ବିଭାଗ
	ସାଇରପୁର ଟାଉନ ୟୁନିଟ୍ ନଂ ୧୯, ଅନୁଗୋଳ	୧୫୦୦	ବେସରକାରୀ	ଅତ ସାଧାରଣ	୦.୦୨୦	ନୀଳମଣି ସାହୁ, ପି-ଉପେନ୍ଦ୍ର ସାହୁ, ଜା-ତେଲି, ଗ୍ରା-ତାଳଚେର
	ସାଇରପୁର ଟାଉନ ୟୁନିଟ୍ ନଂ ୧୯, ଅନୁଗୋଳ	୧୫୦୧	ସରକାରୀ	ରେଲୱେ ଲାଇନ୍	୦.୦୧୦	ଦକ୍ଷିଣ ପୂର୍ବ ରେଳ ବିଭାଗ
	ସାଇରପୁର ଟାଉନ ୟୁନିଟ୍ ନଂ ୧୯, ଅନୁଗୋଳ	୯୪୬	ବେସରକାରୀ	ମାହାପାଣି ଟୋପଗାଛ	୦.୦୬୦	ମେସର୍ସ ସ୍ୱସ୍ତିକ ହେଲଥକେୟାର ପ୍ରା.ଲି., ଗ୍ରା-ଅନୁଗୋଳ
	ସାଇରପୁର ଟାଉନ ୟୁନିଟ୍ ନଂ ୧୯, ଅନୁଗୋଳ	୯୪୪	ବେସରକାରୀ	ଘରବାଡି-୨	୦.୦୧୦	ବନ୍ଧୁ ମୁଣ୍ଡା, ଗୋପାଳ ମୁଣ୍ଡା, ପି-ଦାସ ମୁଣ୍ଡା, ଜା-ମୁଣ୍ଡା, ଗ୍ରା-ନିଜଗାଁ
	ସାଇରପୁର ଟାଉନ ୟୁନିଟ୍ ନଂ ୧୯, ଅନୁଗୋଳ	୯୪୪/୩୪୭୫	ବେସରକାରୀ	ଘରବାଡି-୨	୦.୦୦୦	ବନ୍ଧୁ ମୁଣ୍ଡା, ଗୋପାଳ ମୁଣ୍ଡା, ପି-ଦାସ ମୁଣ୍ଡା, ଜା-ମୁଣ୍ଡା, ଗ୍ରା-ନିଜଗାଁ
	ସାଇରପୁର ଟାଉନ ୟୁନିଟ୍ ନଂ ୧୯, ଅନୁଗୋଳ	୯୪୩	ବେସରକାରୀ	ଘରବାଡି-୧	୦.୦୦୦	ପ୍ରମୋଦ କୁମାର ସାହୁ, ପି-କୃଷ୍ଣଚନ୍ଦ୍ର ସାହୁ, ଜା-ତେଲି
	ସାଇରପୁର ଟାଉନ ୟୁନିଟ୍ ନଂ ୧୯, ଅନୁଗୋଳ	୯୪୨	ବେସରକାରୀ	ଘରବାଡି-୧	୦.୦୦୦	ଶୁଭେନ୍ଦୁ ଦାଶ, ପି-ଗଣେଶ ଦାଶ, ଜା-କରଣ
	ସାଇରପୁର ଟାଉନ ୟୁନିଟ୍ ନଂ ୧୯, ଅନୁଗୋଳ	୯୪୧	ବେସରକାରୀ	ଘରବାଡି-୧	୦.୦୧୦	ଅନିଲ ମହାପାତ୍ର, ପି-ବୃନ୍ଦାବନ ମହାପାତ୍ର, ଜା-ବ୍ରାହ୍ମଣ, ଗ୍ରା-ଧନକେରା
	ସାଇରପୁର ଟାଉନ ୟୁନିଟ୍ ନଂ ୧୯, ଅନୁଗୋଳ	୯୪୦	ବେସରକାରୀ	ମାଳ ସାଧାରଣ	୦.୦୨୦	ରାମଚନ୍ଦ୍ର ଦାସ, ପି-ରମେଶ ଦାସ, ଜା-କରଣ
	ସାଇରପୁର ଟାଉନ ୟୁନିଟ୍ ନଂ ୧୯, ଅନୁଗୋଳ	୯୩୦	ବେସରକାରୀ	ବେର୍ଣ୍ଣାପାଣି ଟୋପଗାଛ	୦.୦୦୦	ଶ୍ରୀମତୀ ସାରଦାଦେବୀ ତିମାଲସିନା, ଗ୍ରା-ଅନୁଗୋଳ
	ସାଇରପୁର ଟାଉନ ୟୁନିଟ୍ ନଂ ୧୯, ଅନୁଗୋଳ	୭୯୯	ବେସରକାରୀ	ବେର୍ଣ୍ଣାପାଣି ଟୋପଗାଛ	୦.୦୫୦	ଦେବୀ ନିମାଗଣ୍ଡିଆ, ପି-ଶ୍ରୀକୃଷ୍ଣ ନିମାଗଣ୍ଡିଆ, ଗ୍ରା-ଅନୁଗୋଳ
	ସାଇରପୁର ଟାଉନ ୟୁନିଟ୍ ନଂ ୧୯, ଅନୁଗୋଳ	୭୯୮	ବେସରକାରୀ	ମାହାପାଣି ଟୋପଗାଛ	୦.୦୧୦	ସୁନେନ୍ଦ୍ର କୁମାର ସାହୁ, ପି-ଗଗନ ସାହୁ, ଜା-ତେଲି
	ସାଇରପୁର ଟାଉନ ୟୁନିଟ୍ ନଂ ୧୯, ଅନୁଗୋଳ	୫୦୩	ସରକାରୀ	ପକ୍କା ରାସ୍ତା	୨.୨୩୦	କେନ୍ଦ୍ର ପୂର୍ତ୍ତ ବିଭାଗ
	ସାଇରପୁର ଟାଉନ ୟୁନିଟ୍ ନଂ ୧୯, ଅନୁଗୋଳ	୨୭୯୪	ସରକାରୀ	ପକ୍କା ରାସ୍ତା	୦.୦୪୦	କେନ୍ଦ୍ର ପୂର୍ତ୍ତ ବିଭାଗ
	ସାଇରପୁର ଟାଉନ ୟୁନିଟ୍ ନଂ ୧୯, ଅନୁଗୋଳ	୨୭୯୪	ବେସରକାରୀ	ମାହାପାଣି ଟୋପଗାଛ	୦.୦୨୦	ଲାଲ୍‌ବାବା ମୁଣ୍ଡା, ପି-ଗଗନ ମୁଣ୍ଡା, ଜା-ମୁଣ୍ଡା, ଗ୍ରା-ନିଜଗାଁ
ବି.ଦ୍ର.: ଏହି ବିଜ୍ଞାପ୍ତିର ପୂର୍ଣ୍ଣାଙ୍ଗ ଆଜିର ଦୈନିକ ସମ୍ବାଦରେ ଦେଖନ୍ତୁ
[F. No. NHAI/11013/Odisha/NH-6/Notification/3D]
(Maya Prakash) Director
